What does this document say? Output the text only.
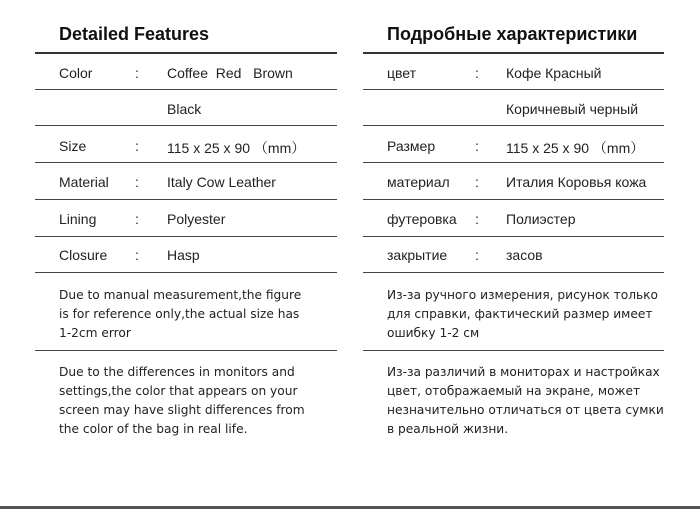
Detailed Features
Color	: Coffee  Red   Brown
Black
Size	: 115 x 25 x 90 （mm）
Material : Italy Cow Leather
Lining	: Polyester
Closure : Hasp
Due to manual measurement,the figure
is for reference only,the actual size has
1-2cm error
Due to the differences in monitors and
settings,the color that appears on your
screen may have slight differences from
the color of the bag in real life.
Подробные характеристики
цвет	: Кофе Красный
Коричневый черный
Размер	: 115 x 25 x 90 （mm）
материал : Италия Коровья кожа
футеровка : Полиэстер
закрытие : засов
Из-за ручного измерения, рисунок только
для справки, фактический размер имеет
ошибку 1-2 см
Из-за различий в мониторах и настройках
цвет, отображаемый на экране, может
незначительно отличаться от цвета сумки
в реальной жизни.
